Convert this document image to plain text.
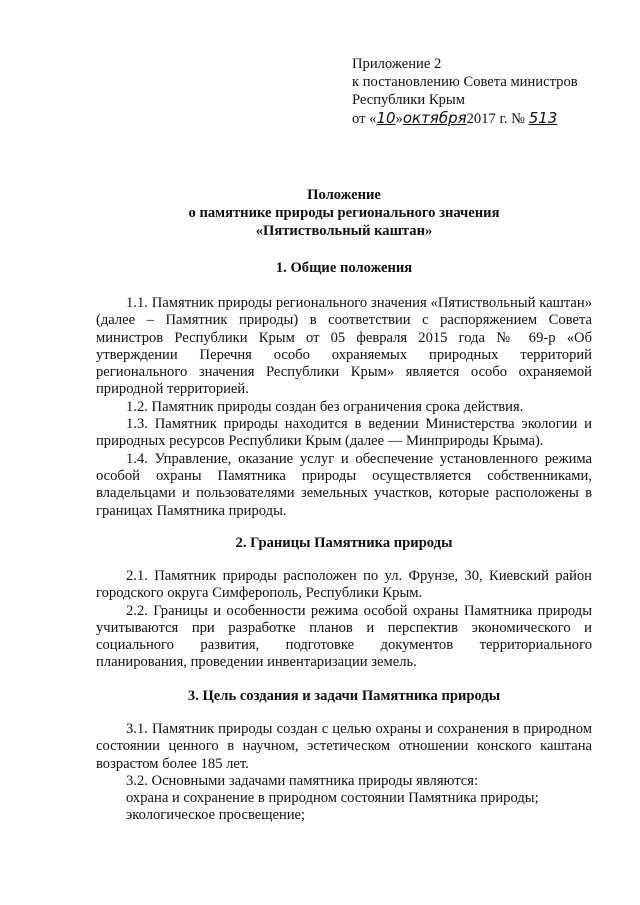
Приложение 2
к постановлению Совета министров
Республики Крым
от «10»октября2017 г. № 513
Положение
о памятнике природы регионального значения
«Пятиствольный каштан»
1. Общие положения

1.1. Памятник природы регионального значения «Пятиствольный каштан» (далее – Памятник природы) в соответствии с распоряжением Совета министров Республики Крым от 05 февраля 2015 года № 69-р «Об утверждении Перечня особо охраняемых природных территорий регионального значения Республики Крым» является особо охраняемой природной территорией.

1.2. Памятник природы создан без ограничения срока действия.

1.3. Памятник природы находится в ведении Министерства экологии и природных ресурсов Республики Крым (далее — Минприроды Крыма).

1.4. Управление, оказание услуг и обеспечение установленного режима особой охраны Памятника природы осуществляется собственниками, владельцами и пользователями земельных участков, которые расположены в границах Памятника природы.

2. Границы Памятника природы

2.1. Памятник природы расположен по ул. Фрунзе, 30, Киевский район городского округа Симферополь, Республики Крым.

2.2. Границы и особенности режима особой охраны Памятника природы учитываются при разработке планов и перспектив экономического и социального развития, подготовке документов территориального планирования, проведении инвентаризации земель.

3. Цель создания и задачи Памятника природы

3.1. Памятник природы создан с целью охраны и сохранения в природном состоянии ценного в научном, эстетическом отношении конского каштана возрастом более 185 лет.

3.2. Основными задачами памятника природы являются:

охрана и сохранение в природном состоянии Памятника природы;

экологическое просвещение;
